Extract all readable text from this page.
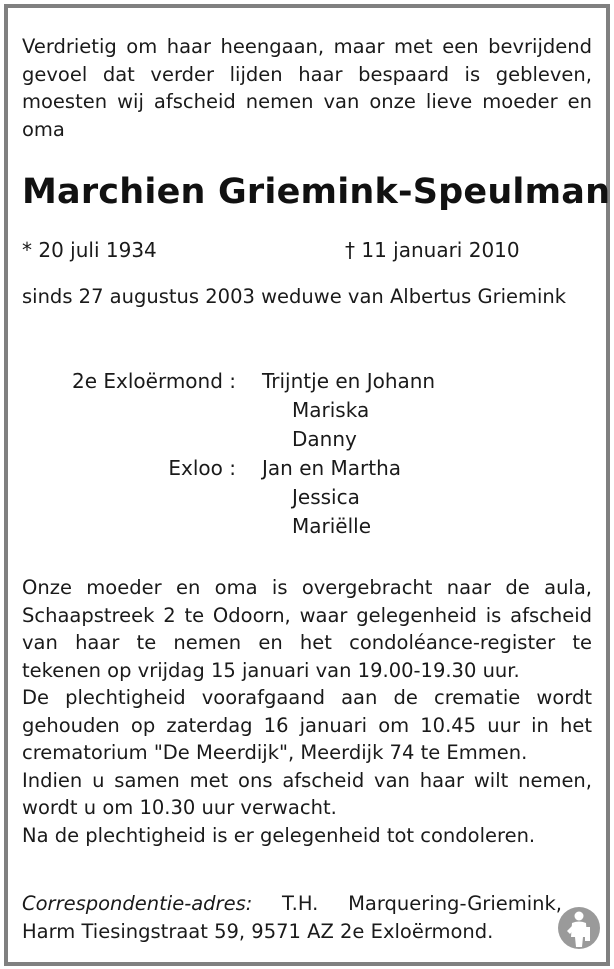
Verdrietig om haar heengaan, maar met een bevrijdend gevoel dat verder lijden haar bespaard is gebleven, moesten wij afscheid nemen van onze lieve moeder en oma

Marchien Griemink-Speulman
* 20 juli 1934	† 11 januari 2010

sinds 27 augustus 2003 weduwe van Albertus Griemink

2e Exloërmond : Trijntje en Johann
Mariska
Danny
Exloo : Jan en Martha
Jessica
Mariëlle
Onze moeder en oma is overgebracht naar de aula, Schaapstreek 2 te Odoorn, waar gelegenheid is afscheid van haar te nemen en het condoléance-register te tekenen op vrijdag 15 januari van 19.00-19.30 uur.
De plechtigheid voorafgaand aan de crematie wordt gehouden op zaterdag 16 januari om 10.45 uur in het crematorium "De Meerdijk", Meerdijk 74 te Emmen.
Indien u samen met ons afscheid van haar wilt nemen, wordt u om 10.30 uur verwacht.
Na de plechtigheid is er gelegenheid tot condoleren.

Correspondentie-adres: T.H. Marquering-Griemink, Harm Tiesingstraat 59, 9571 AZ 2e Exloërmond.
